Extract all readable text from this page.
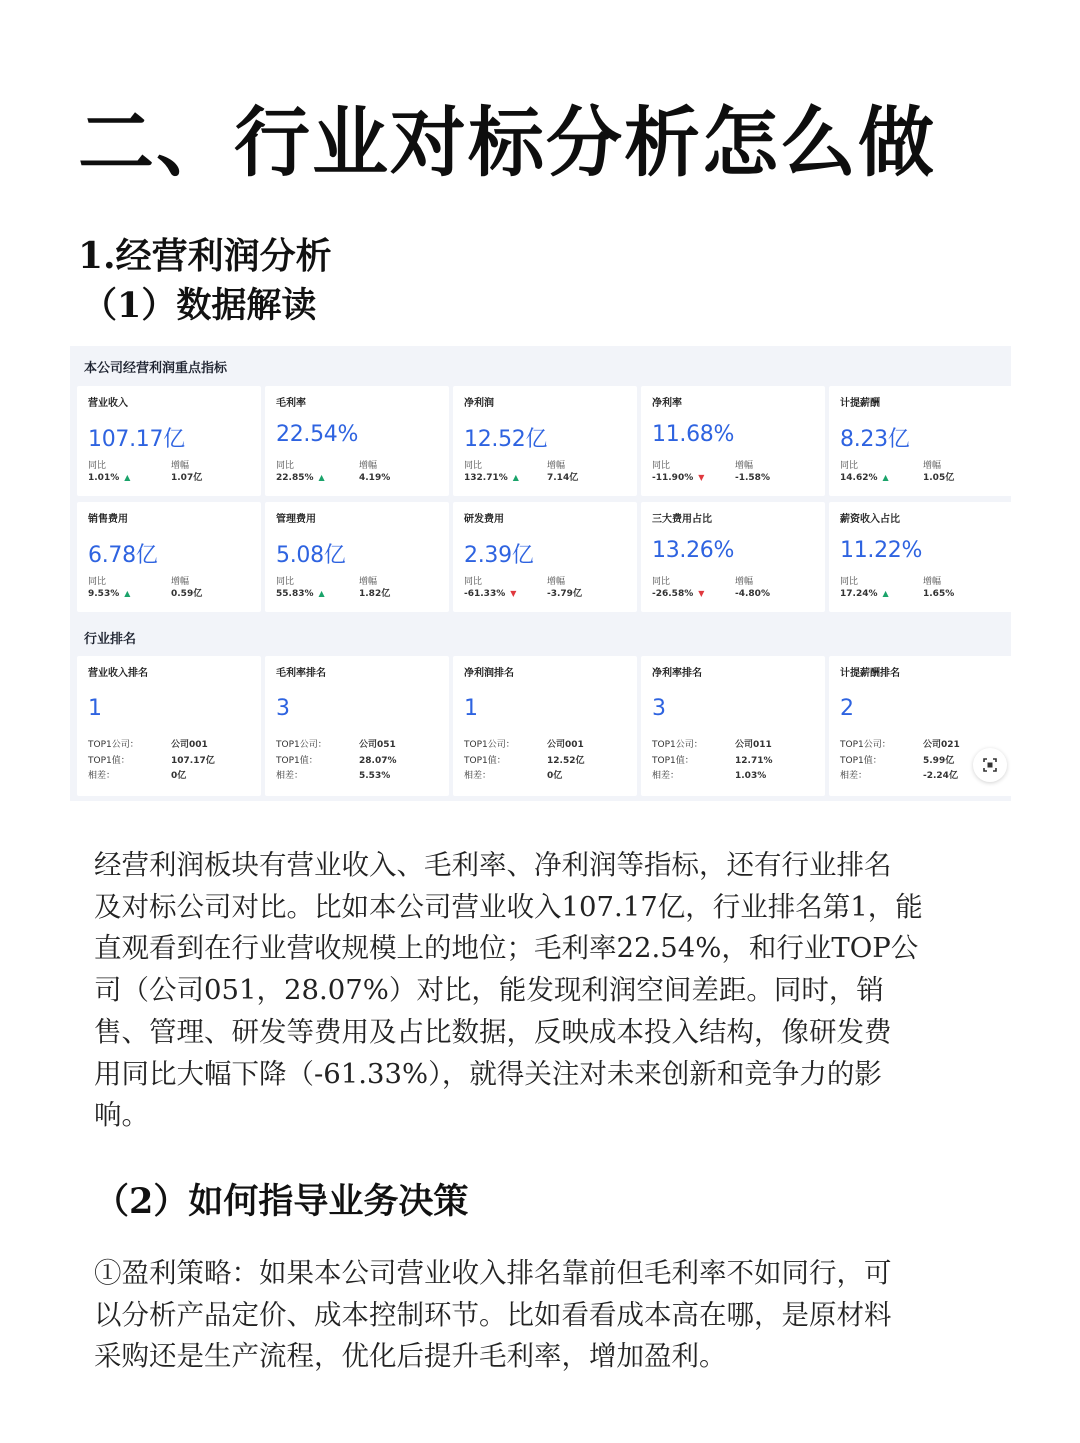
二、行业对标分析怎么做
1.经营利润分析
（1）数据解读
本公司经营利润重点指标
营业收入
107.17亿
同比
1.01% ▲
增幅
1.07亿
毛利率
22.54%
同比
22.85% ▲
增幅
4.19%
净利润
12.52亿
同比
132.71% ▲
增幅
7.14亿
净利率
11.68%
同比
-11.90% ▼
增幅
-1.58%
计提薪酬
8.23亿
同比
14.62% ▲
增幅
1.05亿
销售费用
6.78亿
同比
9.53% ▲
增幅
0.59亿
管理费用
5.08亿
同比
55.83% ▲
增幅
1.82亿
研发费用
2.39亿
同比
-61.33% ▼
增幅
-3.79亿
三大费用占比
13.26%
同比
-26.58% ▼
增幅
-4.80%
薪资收入占比
11.22%
同比
17.24% ▲
增幅
1.65%
行业排名
营业收入排名
1
TOP1公司：	公司001
TOP1值：	107.17亿
相差：	0亿
毛利率排名
3
TOP1公司：	公司051
TOP1值：	28.07%
相差：	5.53%
净利润排名
1
TOP1公司：	公司001
TOP1值：	12.52亿
相差：	0亿
净利率排名
3
TOP1公司：	公司011
TOP1值：	12.71%
相差：	1.03%
计提薪酬排名
2
TOP1公司：	公司021
TOP1值：	5.99亿
相差：	-2.24亿
经营利润板块有营业收入、毛利率、净利润等指标，还有行业排名
及对标公司对比。比如本公司营业收入107.17亿，行业排名第1，能
直观看到在行业营收规模上的地位；毛利率22.54%，和行业TOP公
司（公司051，28.07%）对比，能发现利润空间差距。同时，销
售、管理、研发等费用及占比数据，反映成本投入结构，像研发费
用同比大幅下降（-61.33%），就得关注对未来创新和竞争力的影
响。
（2）如何指导业务决策
①盈利策略：如果本公司营业收入排名靠前但毛利率不如同行，可
以分析产品定价、成本控制环节。比如看看成本高在哪，是原材料
采购还是生产流程，优化后提升毛利率，增加盈利。
